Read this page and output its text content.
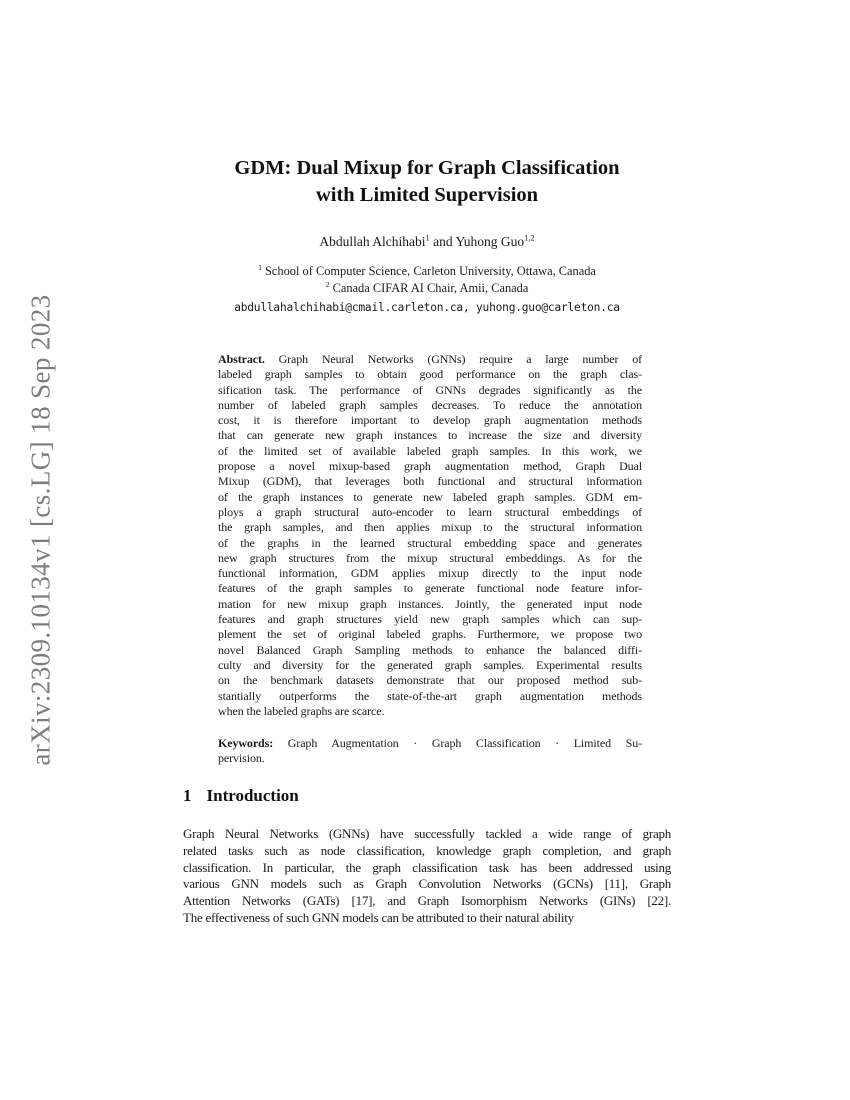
arXiv:2309.10134v1 [cs.LG] 18 Sep 2023
GDM: Dual Mixup for Graph Classification
with Limited Supervision
Abdullah Alchihabi$^1$ and Yuhong Guo$^{1,2}$
$^1$ School of Computer Science, Carleton University, Ottawa, Canada
$^2$ Canada CIFAR AI Chair, Amii, Canada
abdullahalchihabi@cmail.carleton.ca, yuhong.guo@carleton.ca
Abstract. Graph Neural Networks (GNNs) require a large number of
labeled graph samples to obtain good performance on the graph clas-
sification task. The performance of GNNs degrades significantly as the
number of labeled graph samples decreases. To reduce the annotation
cost, it is therefore important to develop graph augmentation methods
that can generate new graph instances to increase the size and diversity
of the limited set of available labeled graph samples. In this work, we
propose a novel mixup-based graph augmentation method, Graph Dual
Mixup (GDM), that leverages both functional and structural information
of the graph instances to generate new labeled graph samples. GDM em-
ploys a graph structural auto-encoder to learn structural embeddings of
the graph samples, and then applies mixup to the structural information
of the graphs in the learned structural embedding space and generates
new graph structures from the mixup structural embeddings. As for the
functional information, GDM applies mixup directly to the input node
features of the graph samples to generate functional node feature infor-
mation for new mixup graph instances. Jointly, the generated input node
features and graph structures yield new graph samples which can sup-
plement the set of original labeled graphs. Furthermore, we propose two
novel Balanced Graph Sampling methods to enhance the balanced diffi-
culty and diversity for the generated graph samples. Experimental results
on the benchmark datasets demonstrate that our proposed method sub-
stantially outperforms the state-of-the-art graph augmentation methods
when the labeled graphs are scarce.
Keywords: Graph Augmentation · Graph Classification · Limited Su-
pervision.
1 Introduction
Graph Neural Networks (GNNs) have successfully tackled a wide range of graph
related tasks such as node classification, knowledge graph completion, and graph
classification. In particular, the graph classification task has been addressed using
various GNN models such as Graph Convolution Networks (GCNs) [11], Graph
Attention Networks (GATs) [17], and Graph Isomorphism Networks (GINs) [22].
The effectiveness of such GNN models can be attributed to their natural ability
